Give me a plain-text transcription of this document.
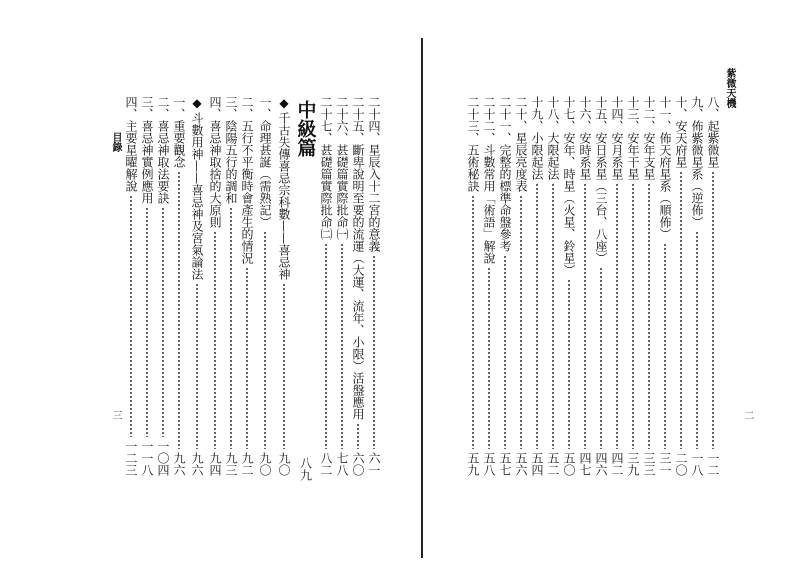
目錄
三
二十四、星辰入十二宮的意義
六一
二十五、斷卑說明至要的流運（大運、流年、小限）活盤應用
六〇
二十六、甚礎篇實際批命㈠
七八
二十七、甚礎篇實際批命㈡
八二
中級篇
八九
◆
千古失傳喜忌宗科數——喜忌神
九〇
一、命理甚誕（需熟記）
九〇
二、五行不平衡時會產生的情況
九二
三、陰陽五行的調和
九三
四、喜忌神取捨的大原則
九四
◆
斗數用神——喜忌神及宮氣論法
九六
一、重要觀念
九六
二、喜忌神取法要訣
一〇四
三、喜忌神實例應用
一一八
四、主要星曜解說
一二三
紫微天機
二
八、起紫微星
一二
九、佈紫微星系（逆佈）
一八
十、安天府星
二〇
十一、佈天府星系（順佈）
三一
十二、安年支星
三三
十三、安年干星
三九
十四、安月系星
四二
十五、安日系星（三台、八座）
四六
十六、安時系星
四七
十七、安年、時星（火星、鈴星）
五〇
十八、大限起法
五二
十九、小限起法
五四
二十、星辰亮度表
五六
二十一、完整的標準命盤參考
五七
二十二、斗數常用「術語」解說
五八
二十三、五術秘訣
五九
